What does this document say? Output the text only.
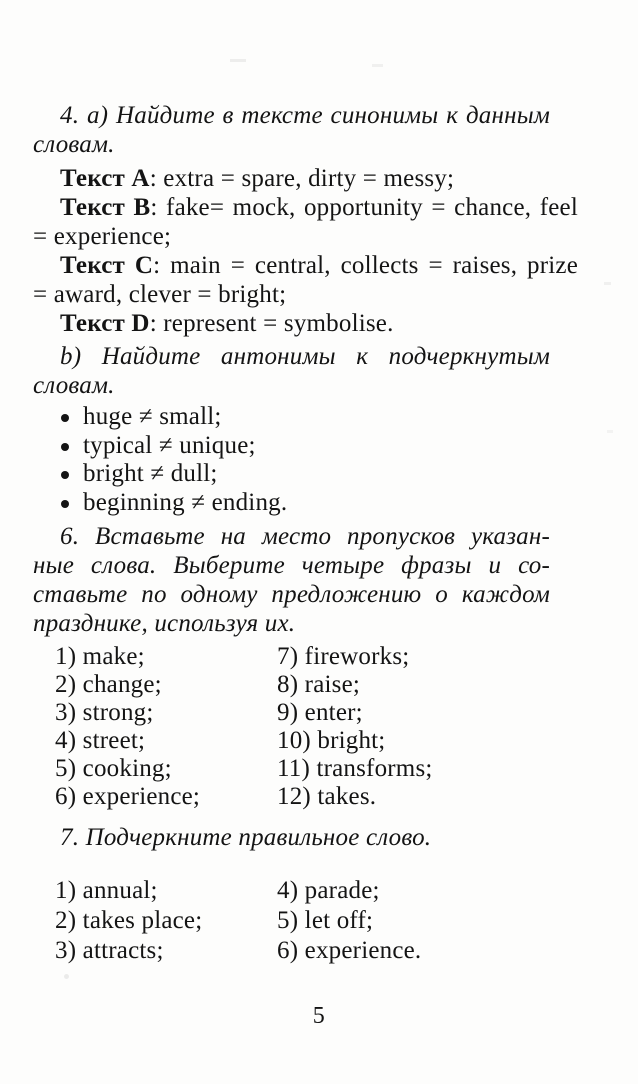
4. a) Найдите в тексте синонимы к данным
словам.
Текст A: extra = spare, dirty = messy;
Текст B: fake= mock, opportunity = chance, feel
= experience;
Текст C: main = central, collects = raises, prize
= award, clever = bright;
Текст D: represent = symbolise.
b) Найдите антонимы к подчеркнутым
словам.
huge ≠ small;
typical ≠ unique;
bright ≠ dull;
beginning ≠ ending.
6. Вставьте на место пропусков указан-
ные слова. Выберите четыре фразы и со-
ставьте по одному предложению о каждом
празднике, используя их.
1) make;
2) change;
3) strong;
4) street;
5) cooking;
6) experience;
7) fireworks;
8) raise;
9) enter;
10) bright;
11) transforms;
12) takes.
7. Подчеркните правильное слово.
1) annual;
2) takes place;
3) attracts;
4) parade;
5) let off;
6) experience.
5
